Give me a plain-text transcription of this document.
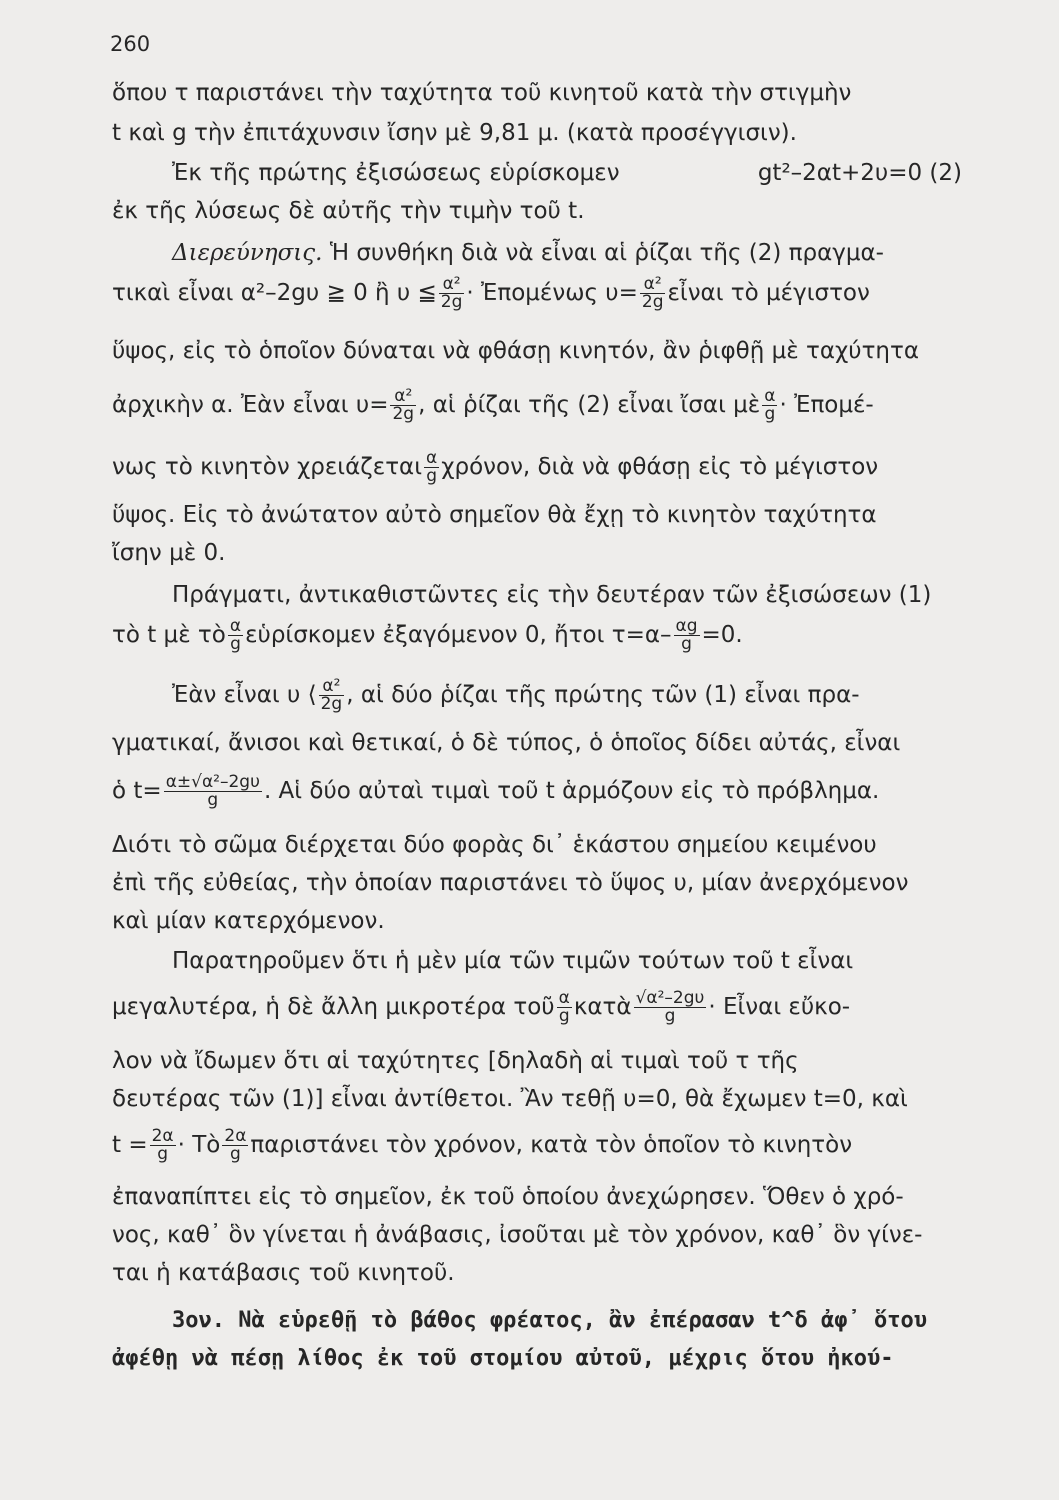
260
ὅπου τ παριστάνει τὴν ταχύτητα τοῦ κινητοῦ κατὰ τὴν στιγμὴν
t καὶ g τὴν ἐπιτάχυνσιν ἴσην μὲ 9,81 μ. (κατὰ προσέγγισιν).
Ἐκ τῆς πρώτης ἐξισώσεως εὑρίσκομεν	gt²–2αt+2υ=0 (2)
ἐκ τῆς λύσεως δὲ αὐτῆς τὴν τιμὴν τοῦ t.
Διερεύνησις. Ἡ συνθήκη διὰ νὰ εἶναι αἱ ῥίζαι τῆς (2) πραγμα-
τικαὶ εἶναι α²–2gυ ≧ 0 ἢ υ ≦ $\frac{\text{α²}}{2g}$ · Ἐπομένως $\upsilon= \frac{\text{α²}}{2g}$ εἶναι τὸ μέγιστον
ὕψος, εἰς τὸ ὁποῖον δύναται νὰ φθάσῃ κινητόν, ἂν ῥιφθῇ μὲ ταχύτητα
ἀρχικὴν α. Ἐὰν εἶναι $\upsilon= \frac{\text{α²}}{2g}$ , αἱ ῥίζαι τῆς (2) εἶναι ἴσαι μὲ $\frac{\alpha}{g}$ · Ἐπομέ-
νως τὸ κινητὸν χρειάζεται $\frac{\alpha}{g} \chi\rho ό\nu o\nu$, διὰ νὰ φθάσῃ εἰς τὸ μέγιστον
ὕψος. Εἰς τὸ ἀνώτατον αὐτὸ σημεῖον θὰ ἔχῃ τὸ κινητὸν ταχύτητα
ἴσην μὲ 0.
Πράγματι, ἀντικαθιστῶντες εἰς τὴν δευτέραν τῶν ἐξισώσεων (1)
τὸ t μὲ τὸ $\frac{\alpha}{g}$ εὑρίσκομεν ἐξαγόμενον 0, ἤτοι $\tau=\alpha- \frac{\alpha g}{g} =0$.
Ἐὰν εἶναι υ ⟨ $\frac{\text{α²}}{2g}$ , αἱ δύο ῥίζαι τῆς πρώτης τῶν (1) εἶναι πρα-
γματικαί, ἄνισοι καὶ θετικαί, ὁ δὲ τύπος, ὁ ὁποῖος δίδει αὐτάς, εἶναι
ὁ $t= \frac{\text{α±√α²–2gυ}}{g}$ . Αἱ δύο αὐταὶ τιμαὶ τοῦ t ἁρμόζουν εἰς τὸ πρόβλημα.
Διότι τὸ σῶμα διέρχεται δύο φορὰς δι᾽ ἑκάστου σημείου κειμένου
ἐπὶ τῆς εὐθείας, τὴν ὁποίαν παριστάνει τὸ ὕψος υ, μίαν ἀνερχόμενον
καὶ μίαν κατερχόμενον.
Παρατηροῦμεν ὅτι ἡ μὲν μία τῶν τιμῶν τούτων τοῦ t εἶναι
μεγαλυτέρα, ἡ δὲ ἄλλη μικροτέρα τοῦ $\frac{\alpha}{g}$ κατὰ $\frac{\text{√α²–2gυ}}{g}$ · Εἶναι εὔκο-
λον νὰ ἴδωμεν ὅτι αἱ ταχύτητες [δηλαδὴ αἱ τιμαὶ τοῦ τ τῆς
δευτέρας τῶν (1)] εἶναι ἀντίθετοι. Ἂν τεθῇ υ=0, θὰ ἔχωμεν t=0, καὶ
$t = \frac{2\alpha}{g}$ · Τὸ $\frac{2\alpha}{g}$ παριστάνει τὸν χρόνον, κατὰ τὸν ὁποῖον τὸ κινητὸν
ἐπαναπίπτει εἰς τὸ σημεῖον, ἐκ τοῦ ὁποίου ἀνεχώρησεν. Ὅθεν ὁ χρό-
νος, καθ᾽ ὃν γίνεται ἡ ἀνάβασις, ἰσοῦται μὲ τὸν χρόνον, καθ᾽ ὃν γίνε-
ται ἡ κατάβασις τοῦ κινητοῦ.
3ον. Νὰ εὑρεθῇ τὸ βάθος φρέατος, ἂν ἐπέρασαν t^δ ἀφ᾽ ὅτου
ἀφέθῃ νὰ πέσῃ λίθος ἐκ τοῦ στομίου αὐτοῦ, μέχρις ὅτου ἠκού-
